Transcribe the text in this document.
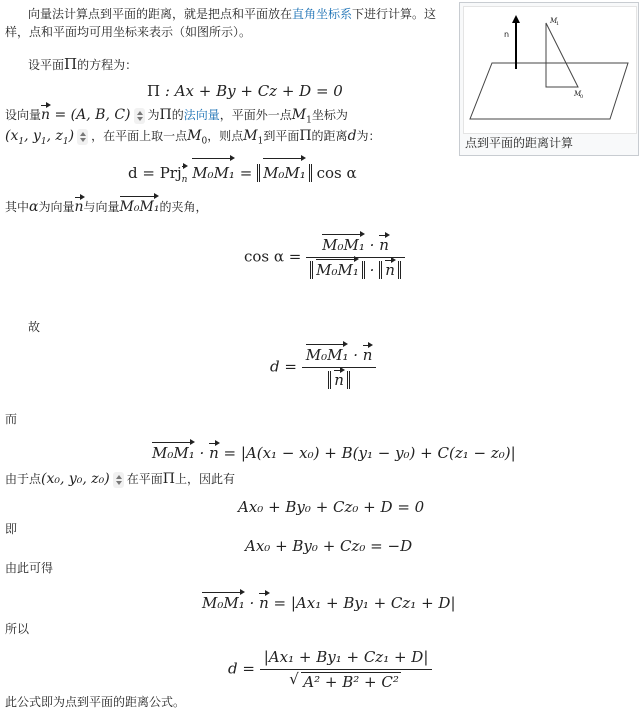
向量法计算点到平面的距离，就是把点和平面放在直角坐标系下进行计算。这
样，点和平面均可用坐标来表示（如图所示）。	n
M
1
M
0
点到平面的距离计算
设平面Π的方程为：
Π : Ax + By + Cz + D = 0
设向量n = (A, B, C) 为Π的法向量，平面外一点$M_1$坐标为
($x_1$, $y_1$, $z_1$) ，在平面上取一点$M_0$，则点$M_1$到平面Π的距离d为：
d = Prj$_n$ M₀M₁ = M₀M₁ cos α
其中α为向量n与向量M₀M₁的夹角，
$\cos \alpha = \frac{\text{M₀M₁ · n}}{\text{M₀M₁ · n}}$
故
$d = \frac{\text{M₀M₁ · n}}{n}$
而
M₀M₁ · n = |A(x₁ − x₀) + B(y₁ − y₀) + C(z₁ − z₀)|
由于点(x₀, y₀, z₀) 在平面Π上，因此有
Ax₀ + By₀ + Cz₀ + D = 0
即
Ax₀ + By₀ + Cz₀ = −D
由此可得
M₀M₁ · n = |Ax₁ + By₁ + Cz₁ + D|
所以
d = |Ax₁ + By₁ + Cz₁ + D|
√ A² + B² + C²
此公式即为点到平面的距离公式。
